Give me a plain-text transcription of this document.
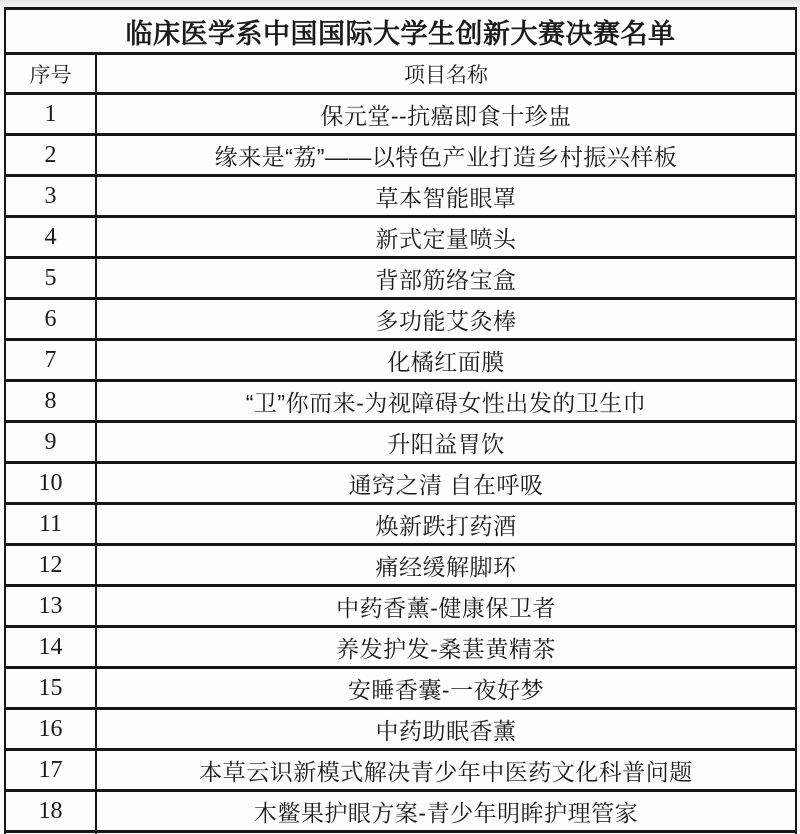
临床医学系中国国际大学生创新大赛决赛名单	
序号	项目名称
1	保元堂--抗癌即食十珍盅
2	缘来是“荔”——以特色产业打造乡村振兴样板
3	草本智能眼罩
4	新式定量喷头
5	背部筋络宝盒
6	多功能艾灸棒
7	化橘红面膜
8	“卫”你而来-为视障碍女性出发的卫生巾
9	升阳益胃饮
10	通窍之清 自在呼吸
11	焕新跌打药酒
12	痛经缓解脚环
13	中药香薰-健康保卫者
14	养发护发-桑葚黄精茶
15	安睡香囊-一夜好梦
16	中药助眠香薰
17	本草云识新模式解决青少年中医药文化科普问题
18	木鳖果护眼方案-青少年明眸护理管家
